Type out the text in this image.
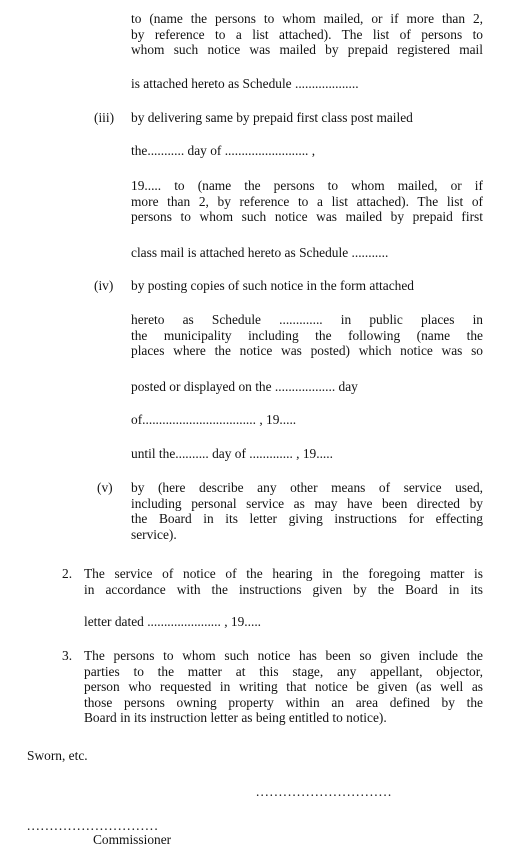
to (name the persons to whom mailed, or if more than 2,
by reference to a list attached). The list of persons to
whom such notice was mailed by prepaid registered mail
is attached hereto as Schedule ...................
(iii) by delivering same by prepaid first class post mailed
the........... day of ......................... ,
19..... to (name the persons to whom mailed, or if
more than 2, by reference to a list attached). The list of
persons to whom such notice was mailed by prepaid first
class mail is attached hereto as Schedule ...........
(iv) by posting copies of such notice in the form attached
hereto as Schedule ............. in public places in
the municipality including the following (name the
places where the notice was posted) which notice was so
posted or displayed on the .................. day
of.................................. , 19.....
until the.......... day of ............. , 19.....
(v) by (here describe any other means of service used,
including personal service as may have been directed by
the Board in its letter giving instructions for effecting
service).
2. The service of notice of the hearing in the foregoing matter is
in accordance with the instructions given by the Board in its
letter dated ...................... , 19.....
3. The persons to whom such notice has been so given include the
parties to the matter at this stage, any appellant, objector,
person who requested in writing that notice be given (as well as
those persons owning property within an area defined by the
Board in its instruction letter as being entitled to notice).
Sworn, etc.
..............................
.............................
Commissioner
